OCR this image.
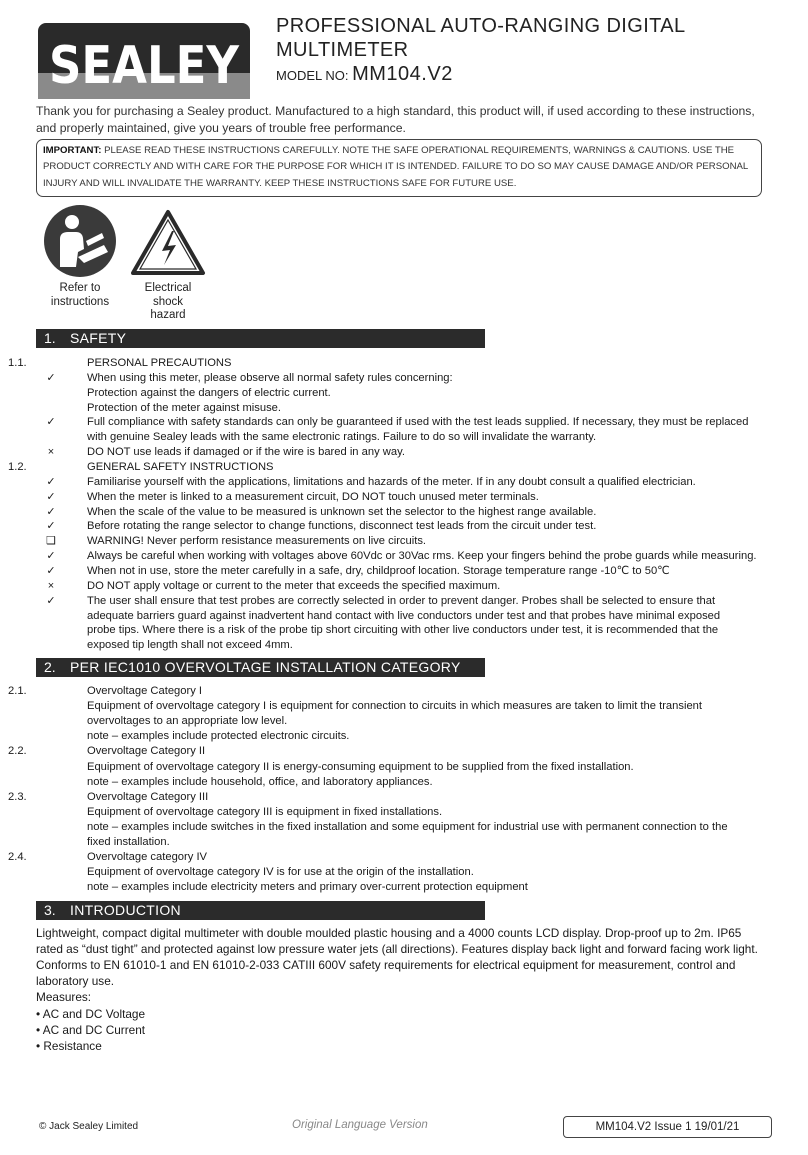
SEALEY
PROFESSIONAL AUTO-RANGING DIGITAL
MULTIMETER
MODEL NO: MM104.V2
Thank you for purchasing a Sealey product. Manufactured to a high standard, this product will, if used according to these instructions, and properly maintained, give you years of trouble free performance.
IMPORTANT: PLEASE READ THESE INSTRUCTIONS CAREFULLY. NOTE THE SAFE OPERATIONAL REQUIREMENTS, WARNINGS & CAUTIONS. USE THE PRODUCT CORRECTLY AND WITH CARE FOR THE PURPOSE FOR WHICH IT IS INTENDED. FAILURE TO DO SO MAY CAUSE DAMAGE AND/OR PERSONAL INJURY AND WILL INVALIDATE THE WARRANTY. KEEP THESE INSTRUCTIONS SAFE FOR FUTURE USE.
Refer to
instructions
Electrical
shock
hazard
1. SAFETY
2. PER IEC1010 OVERVOLTAGE INSTALLATION CATEGORY
3. INTRODUCTION
© Jack Sealey Limited	Original Language Version	MM104.V2 Issue 1 19/01/21
1.1.	PERSONAL PRECAUTIONS
✓	When using this meter, please observe all normal safety rules concerning:
Protection against the dangers of electric current.
Protection of the meter against misuse.
✓	Full compliance with safety standards can only be guaranteed if used with the test leads supplied. If necessary, they must be replaced
with genuine Sealey leads with the same electronic ratings. Failure to do so will invalidate the warranty.
×	DO NOT use leads if damaged or if the wire is bared in any way.
1.2.	GENERAL SAFETY INSTRUCTIONS
✓	Familiarise yourself with the applications, limitations and hazards of the meter. If in any doubt consult a qualified electrician.
✓	When the meter is linked to a measurement circuit, DO NOT touch unused meter terminals.
✓	When the scale of the value to be measured is unknown set the selector to the highest range available.
✓	Before rotating the range selector to change functions, disconnect test leads from the circuit under test.
❑	WARNING! Never perform resistance measurements on live circuits.
✓	Always be careful when working with voltages above 60Vdc or 30Vac rms. Keep your fingers behind the probe guards while measuring.
✓	When not in use, store the meter carefully in a safe, dry, childproof location. Storage temperature range -10℃ to 50℃
×	DO NOT apply voltage or current to the meter that exceeds the specified maximum.
✓	The user shall ensure that test probes are correctly selected in order to prevent danger. Probes shall be selected to ensure that
adequate barriers guard against inadvertent hand contact with live conductors under test and that probes have minimal exposed
probe tips. Where there is a risk of the probe tip short circuiting with other live conductors under test, it is recommended that the
exposed tip length shall not exceed 4mm.
2.1.	Overvoltage Category I
Equipment of overvoltage category I is equipment for connection to circuits in which measures are taken to limit the transient
overvoltages to an appropriate low level.
note – examples include protected electronic circuits.
2.2.	Overvoltage Category II
Equipment of overvoltage category II is energy-consuming equipment to be supplied from the fixed installation.
note – examples include household, office, and laboratory appliances.
2.3.	Overvoltage Category III
Equipment of overvoltage category III is equipment in fixed installations.
note – examples include switches in the fixed installation and some equipment for industrial use with permanent connection to the
fixed installation.
2.4.	Overvoltage category IV
Equipment of overvoltage category IV is for use at the origin of the installation.
note – examples include electricity meters and primary over-current protection equipment
Lightweight, compact digital multimeter with double moulded plastic housing and a 4000 counts LCD display. Drop-proof up to 2m. IP65
rated as “dust tight” and protected against low pressure water jets (all directions). Features display back light and forward facing work light.
Conforms to EN 61010-1 and EN 61010-2-033 CATIII 600V safety requirements for electrical equipment for measurement, control and
laboratory use.
Measures:
• AC and DC Voltage
• AC and DC Current
• Resistance
